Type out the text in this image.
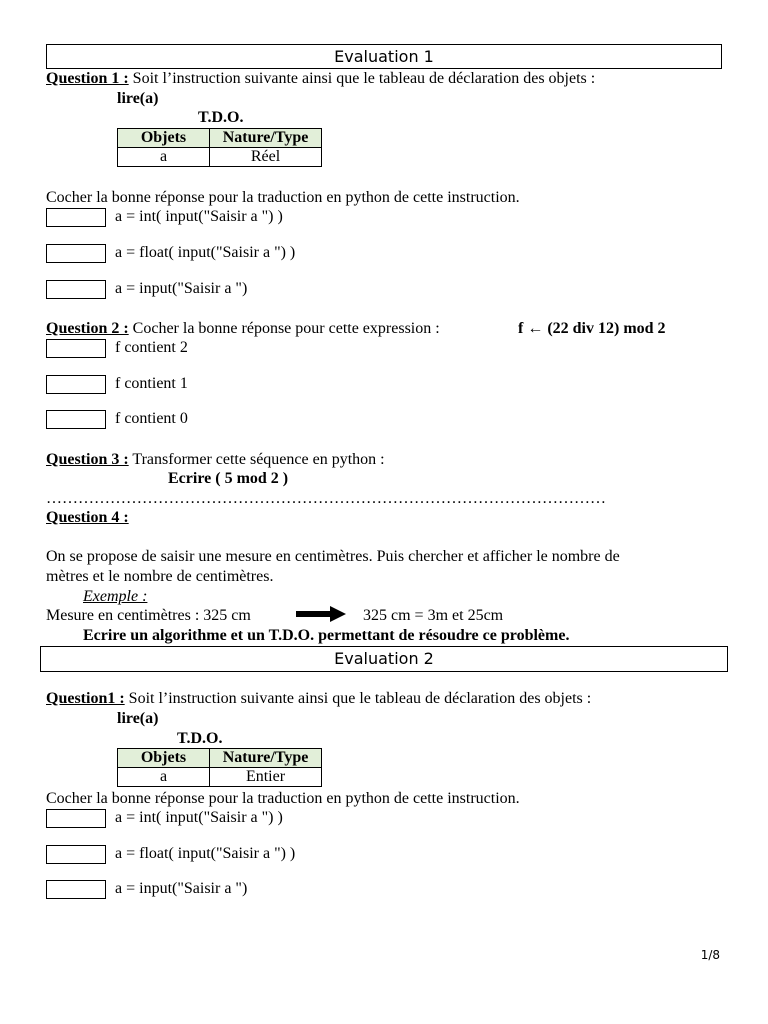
Evaluation 1
Question 1 : Soit l’instruction suivante ainsi que le tableau de déclaration des objets :
lire(a)
T.D.O.
Objets	Nature/Type
a	Réel
Cocher la bonne réponse pour la traduction en python de cette instruction.
a = int( input("Saisir a ") )
a = float( input("Saisir a ") )
a = input("Saisir a ")
Question 2 : Cocher la bonne réponse pour cette expression :	f ← (22 div 12) mod 2
f contient 2
f contient 1
f contient 0
Question 3 : Transformer cette séquence en python :
Ecrire ( 5 mod 2 )
……………………………………………………………………………………………
Question 4 :
On se propose de saisir une mesure en centimètres. Puis chercher et afficher le nombre de
mètres et le nombre de centimètres.
Exemple :
Mesure en centimètres : 325 cm	325 cm = 3m et 25cm
Ecrire un algorithme et un T.D.O. permettant de résoudre ce problème.
Evaluation 2
Question1 : Soit l’instruction suivante ainsi que le tableau de déclaration des objets :
lire(a)
T.D.O.
Objets	Nature/Type
a	Entier
Cocher la bonne réponse pour la traduction en python de cette instruction.
a = int( input("Saisir a ") )
a = float( input("Saisir a ") )
a = input("Saisir a ")
1/8
